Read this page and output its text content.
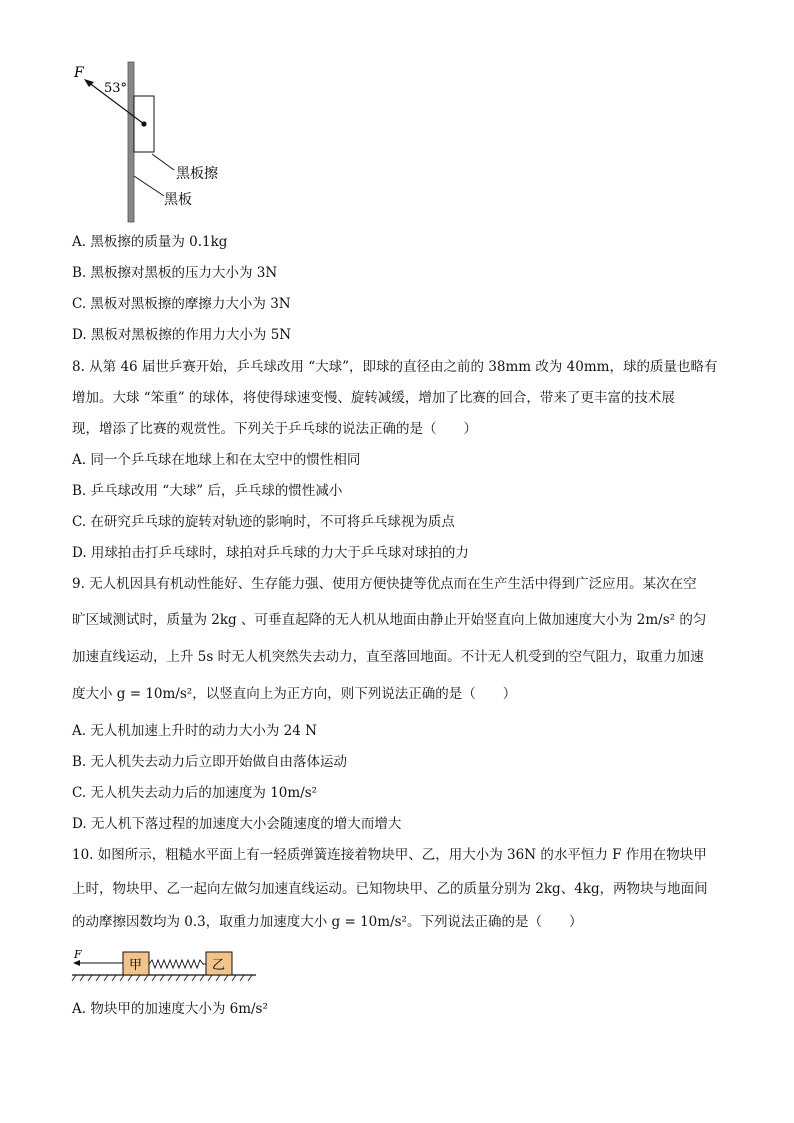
F
53°
黑板擦
黑板
A. 黑板擦的质量为 0.1kg
B. 黑板擦对黑板的压力大小为 3N
C. 黑板对黑板擦的摩擦力大小为 3N
D. 黑板对黑板擦的作用力大小为 5N
8. 从第 46 届世乒赛开始，乒乓球改用 “大球”，即球的直径由之前的 38mm 改为 40mm，球的质量也略有
增加。大球 “笨重” 的球体，将使得球速变慢、旋转减缓，增加了比赛的回合，带来了更丰富的技术展
现，增添了比赛的观赏性。下列关于乒乓球的说法正确的是（　　）
A. 同一个乒乓球在地球上和在太空中的惯性相同
B. 乒乓球改用 “大球” 后，乒乓球的惯性减小
C. 在研究乒乓球的旋转对轨迹的影响时，不可将乒乓球视为质点
D. 用球拍击打乒乓球时，球拍对乒乓球的力大于乒乓球对球拍的力
9. 无人机因具有机动性能好、生存能力强、使用方便快捷等优点而在生产生活中得到广泛应用。某次在空
旷区域测试时，质量为 2kg 、可垂直起降的无人机从地面由静止开始竖直向上做加速度大小为 2m/s² 的匀
加速直线运动，上升 5s 时无人机突然失去动力，直至落回地面。不计无人机受到的空气阻力，取重力加速
度大小 g = 10m/s²，以竖直向上为正方向，则下列说法正确的是（　　）
A. 无人机加速上升时的动力大小为 24 N
B. 无人机失去动力后立即开始做自由落体运动
C. 无人机失去动力后的加速度为 10m/s²
D. 无人机下落过程的加速度大小会随速度的增大而增大
10. 如图所示，粗糙水平面上有一轻质弹簧连接着物块甲、乙，用大小为 36N 的水平恒力 F 作用在物块甲
上时，物块甲、乙一起向左做匀加速直线运动。已知物块甲、乙的质量分别为 2kg、4kg，两物块与地面间
的动摩擦因数均为 0.3，取重力加速度大小 g = 10m/s²。下列说法正确的是（　　）
甲	乙
F
A. 物块甲的加速度大小为 6m/s²
